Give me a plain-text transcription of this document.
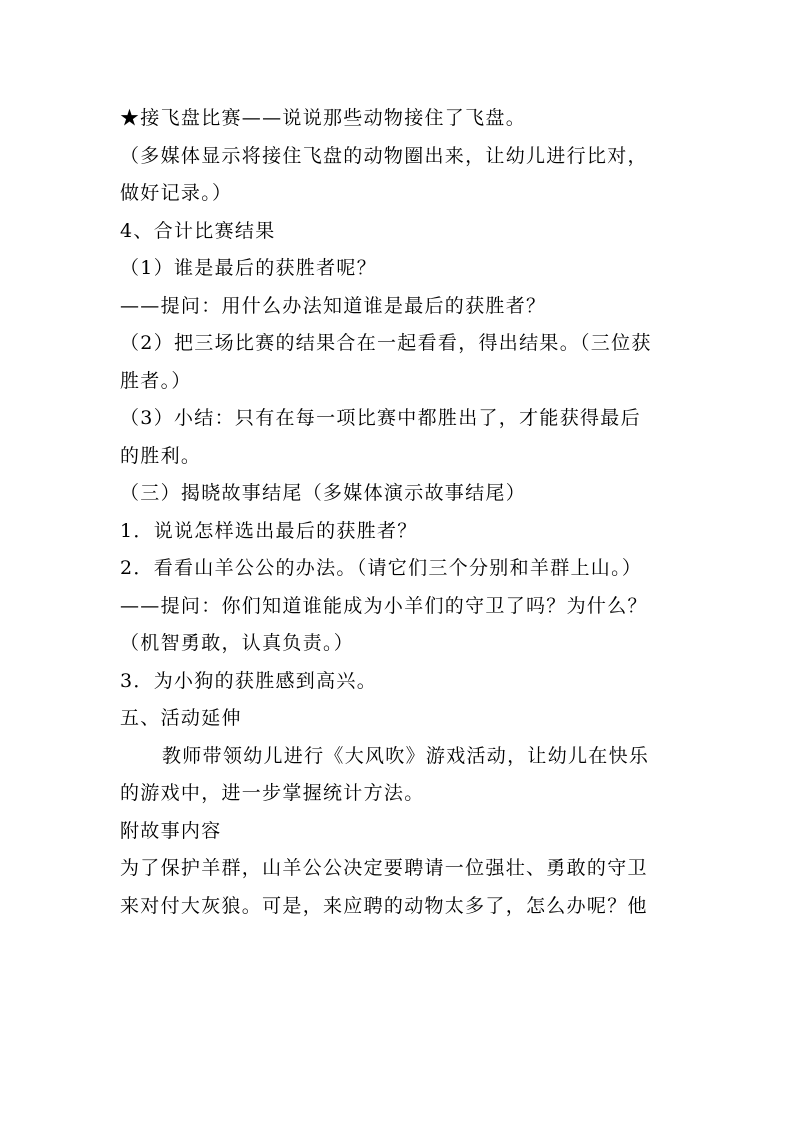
★接飞盘比赛——说说那些动物接住了飞盘。

（多媒体显示将接住飞盘的动物圈出来，让幼儿进行比对，

做好记录。）

4、合计比赛结果

（1）谁是最后的获胜者呢？

——提问：用什么办法知道谁是最后的获胜者？

（2）把三场比赛的结果合在一起看看，得出结果。（三位获

胜者。）

（3）小结：只有在每一项比赛中都胜出了，才能获得最后

的胜利。

（三）揭晓故事结尾（多媒体演示故事结尾）

1．说说怎样选出最后的获胜者？

2．看看山羊公公的办法。（请它们三个分别和羊群上山。）

——提问：你们知道谁能成为小羊们的守卫了吗？为什么？

（机智勇敢，认真负责。）

3．为小狗的获胜感到高兴。

五、活动延伸

教师带领幼儿进行《大风吹》游戏活动，让幼儿在快乐

的游戏中，进一步掌握统计方法。

附故事内容

为了保护羊群，山羊公公决定要聘请一位强壮、勇敢的守卫

来对付大灰狼。可是，来应聘的动物太多了，怎么办呢？他
